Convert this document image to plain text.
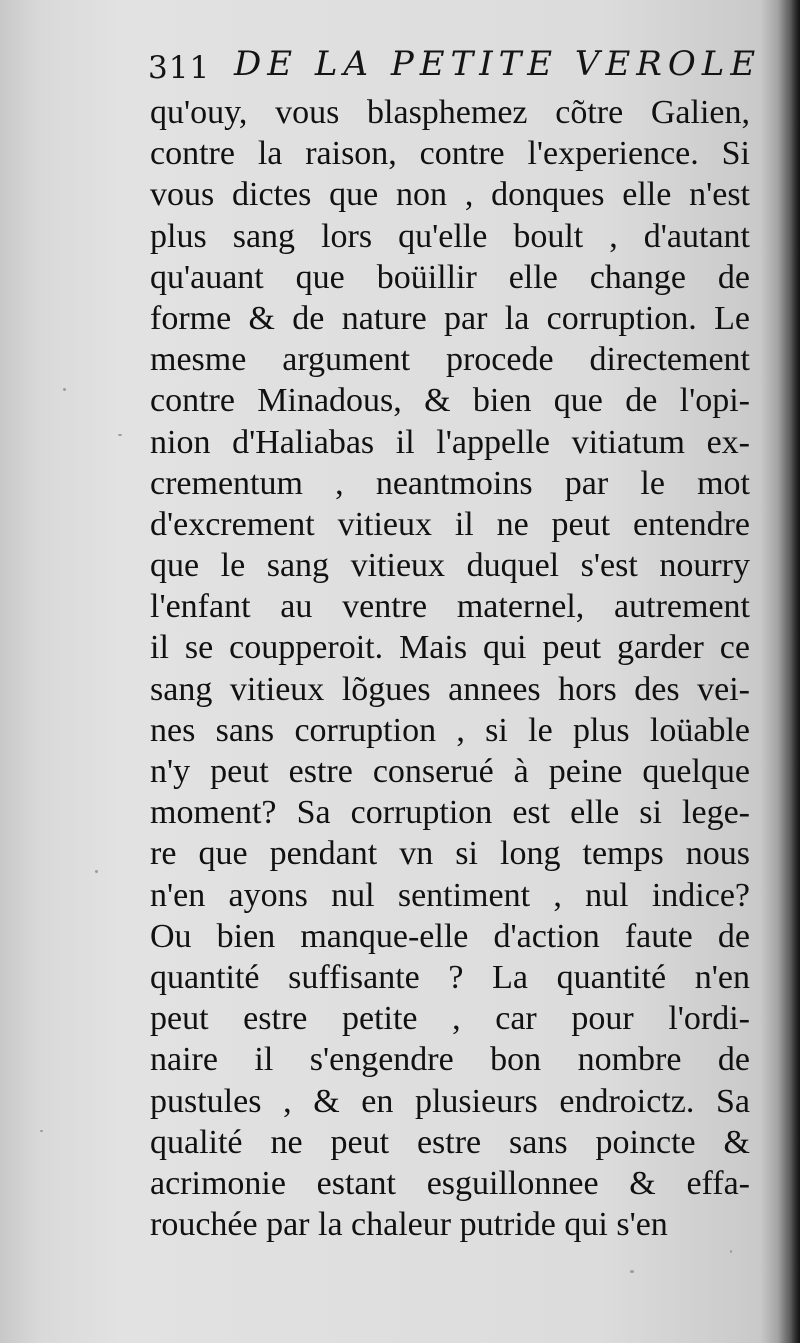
311 DE LA PETITE VEROLE
qu'ouy, vous blasphemez cõtre Galien,
contre la raison, contre l'experience. Si
vous dictes que non , donques elle n'est
plus sang lors qu'elle boult , d'autant
qu'auant que boüillir elle change de
forme & de nature par la corruption. Le
mesme argument procede directement
contre Minadous, & bien que de l'opi-
nion d'Haliabas il l'appelle vitiatum ex-
crementum , neantmoins par le mot
d'excrement vitieux il ne peut entendre
que le sang vitieux duquel s'est nourry
l'enfant au ventre maternel, autrement
il se coupperoit. Mais qui peut garder ce
sang vitieux lõgues annees hors des vei-
nes sans corruption , si le plus loüable
n'y peut estre conserué à peine quelque
moment? Sa corruption est elle si lege-
re que pendant vn si long temps nous
n'en ayons nul sentiment , nul indice?
Ou bien manque-elle d'action faute de
quantité suffisante ? La quantité n'en
peut estre petite , car pour l'ordi-
naire il s'engendre bon nombre de
pustules , & en plusieurs endroictz. Sa
qualité ne peut estre sans poincte &
acrimonie estant esguillonnee & effa-
rouchée par la chaleur putride qui s'en
